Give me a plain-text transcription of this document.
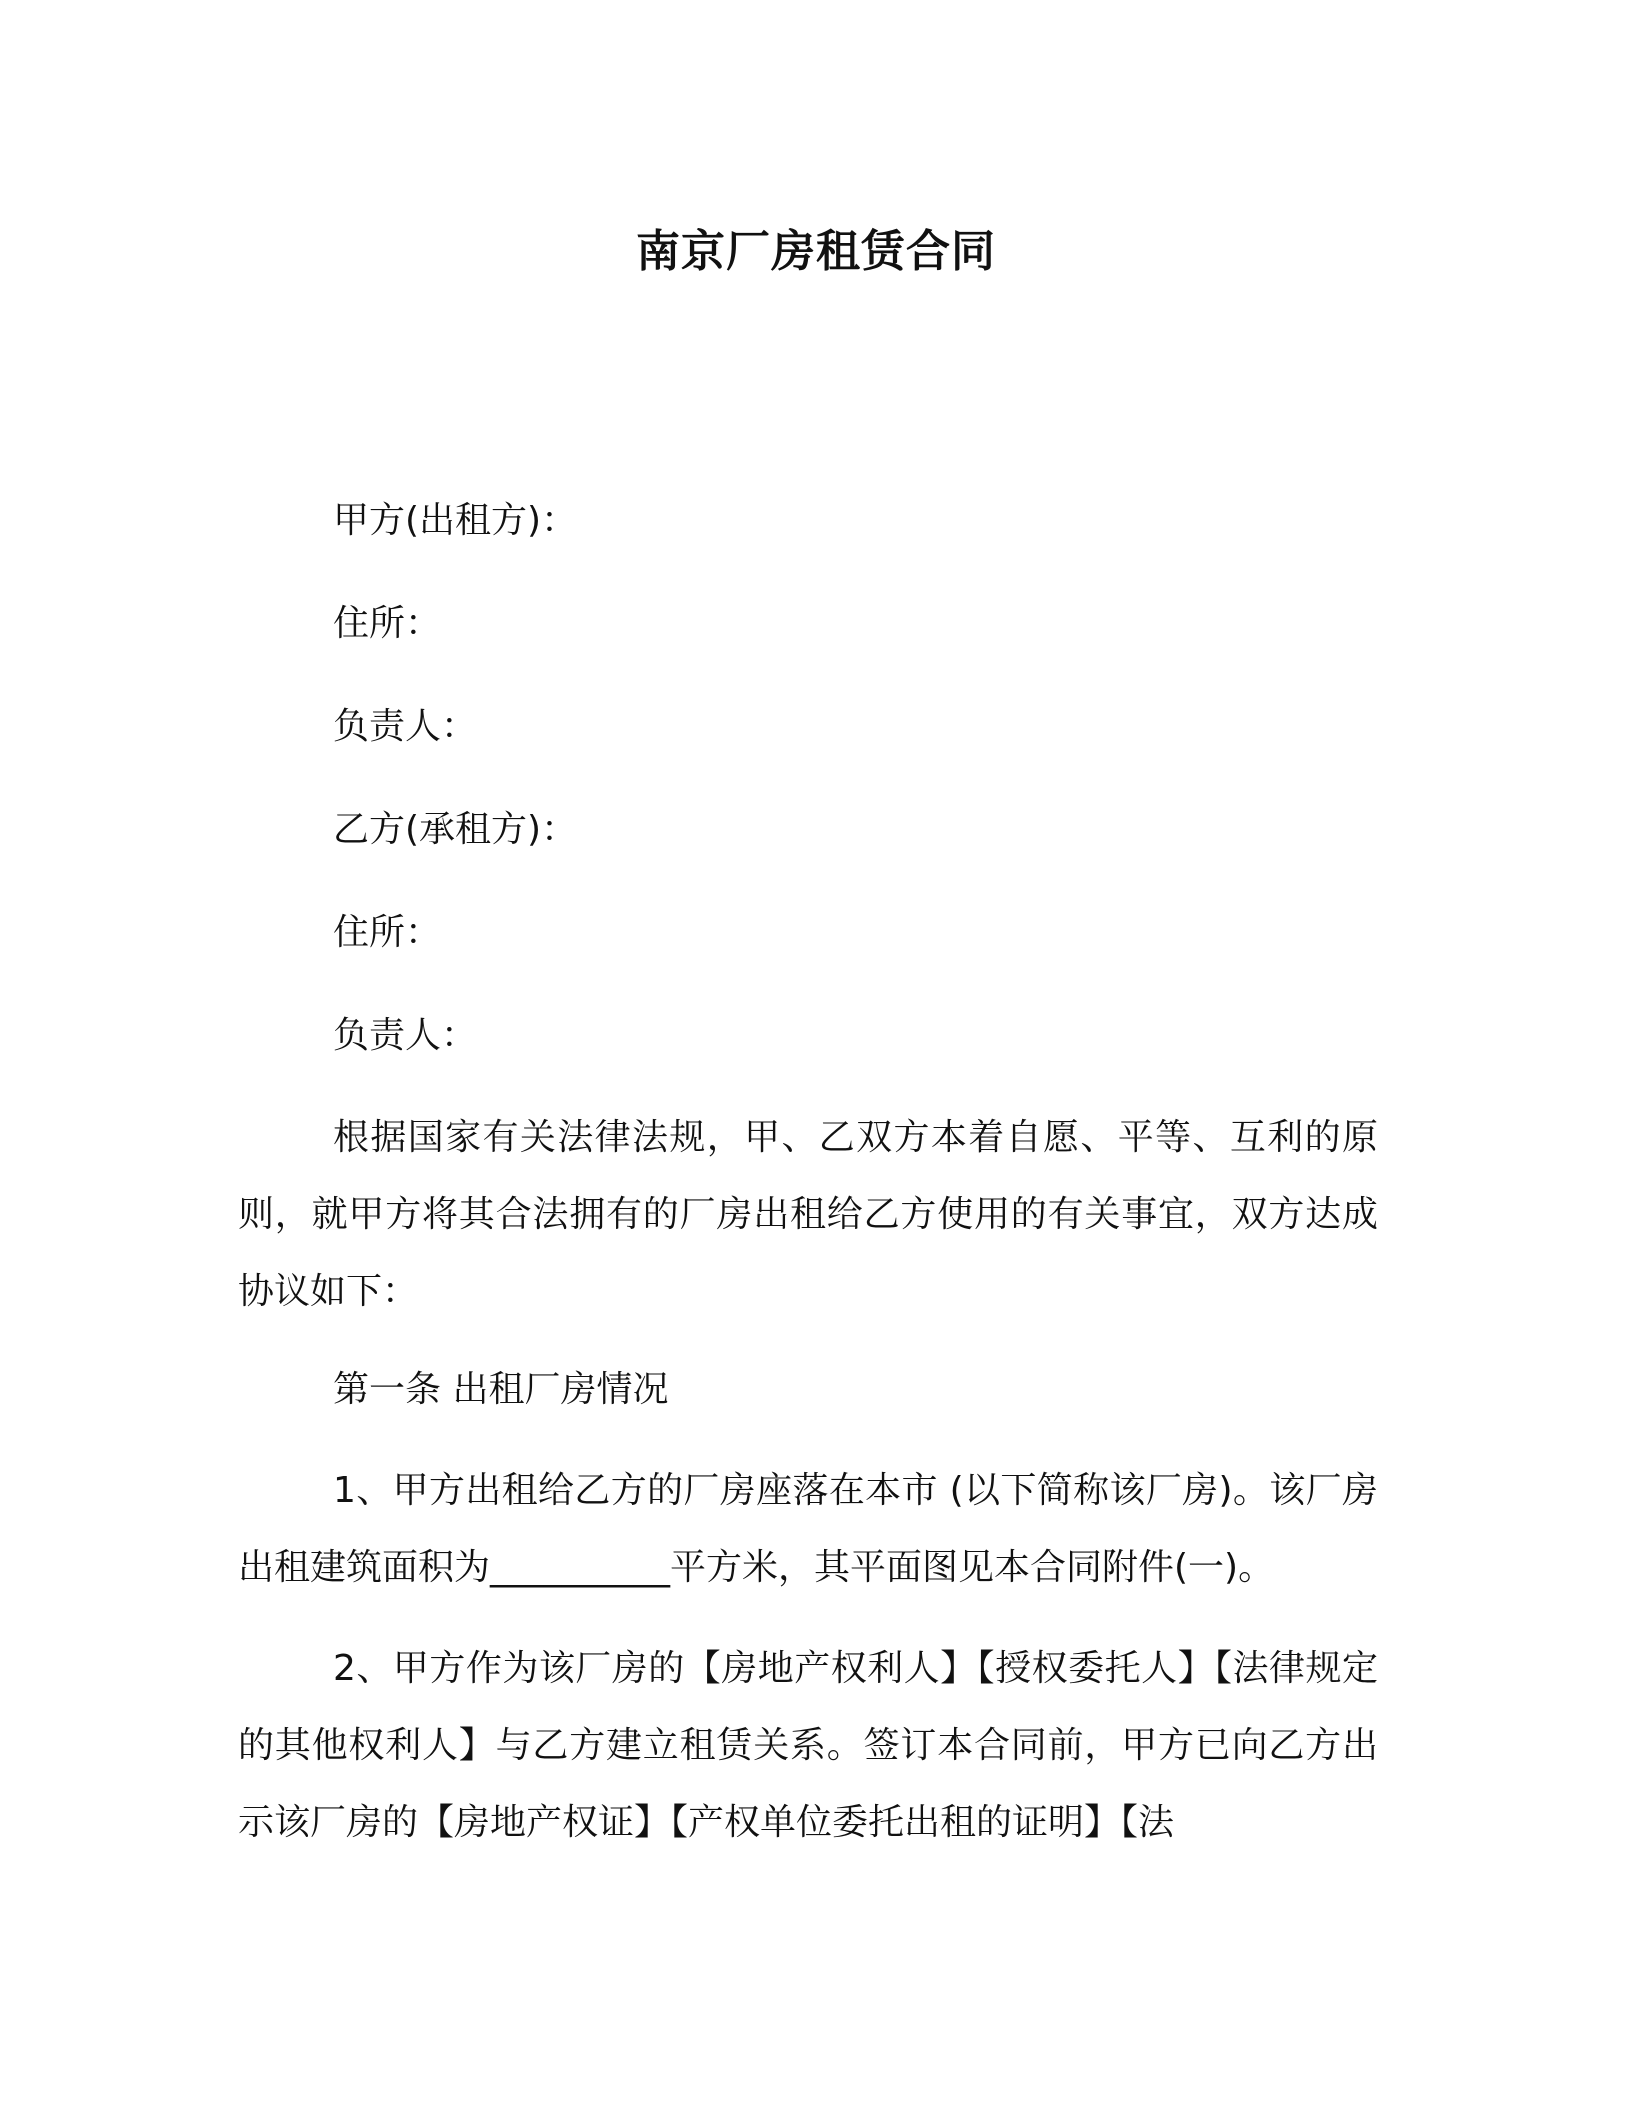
南京厂房租赁合同
甲方(出租方)：
住所：
负责人：
乙方(承租方)：
住所：
负责人：
根据国家有关法律法规，甲、乙双方本着自愿、平等、互利的原则，就甲方将其合法拥有的厂房出租给乙方使用的有关事宜，双方达成协议如下：
第一条 出租厂房情况
1、甲方出租给乙方的厂房座落在本市 (以下简称该厂房)。该厂房出租建筑面积为__________平方米，其平面图见本合同附件(一)。
2、甲方作为该厂房的【房地产权利人】【授权委托人】【法律规定的其他权利人】与乙方建立租赁关系。签订本合同前，甲方已向乙方出示该厂房的【房地产权证】【产权单位委托出租的证明】【法
